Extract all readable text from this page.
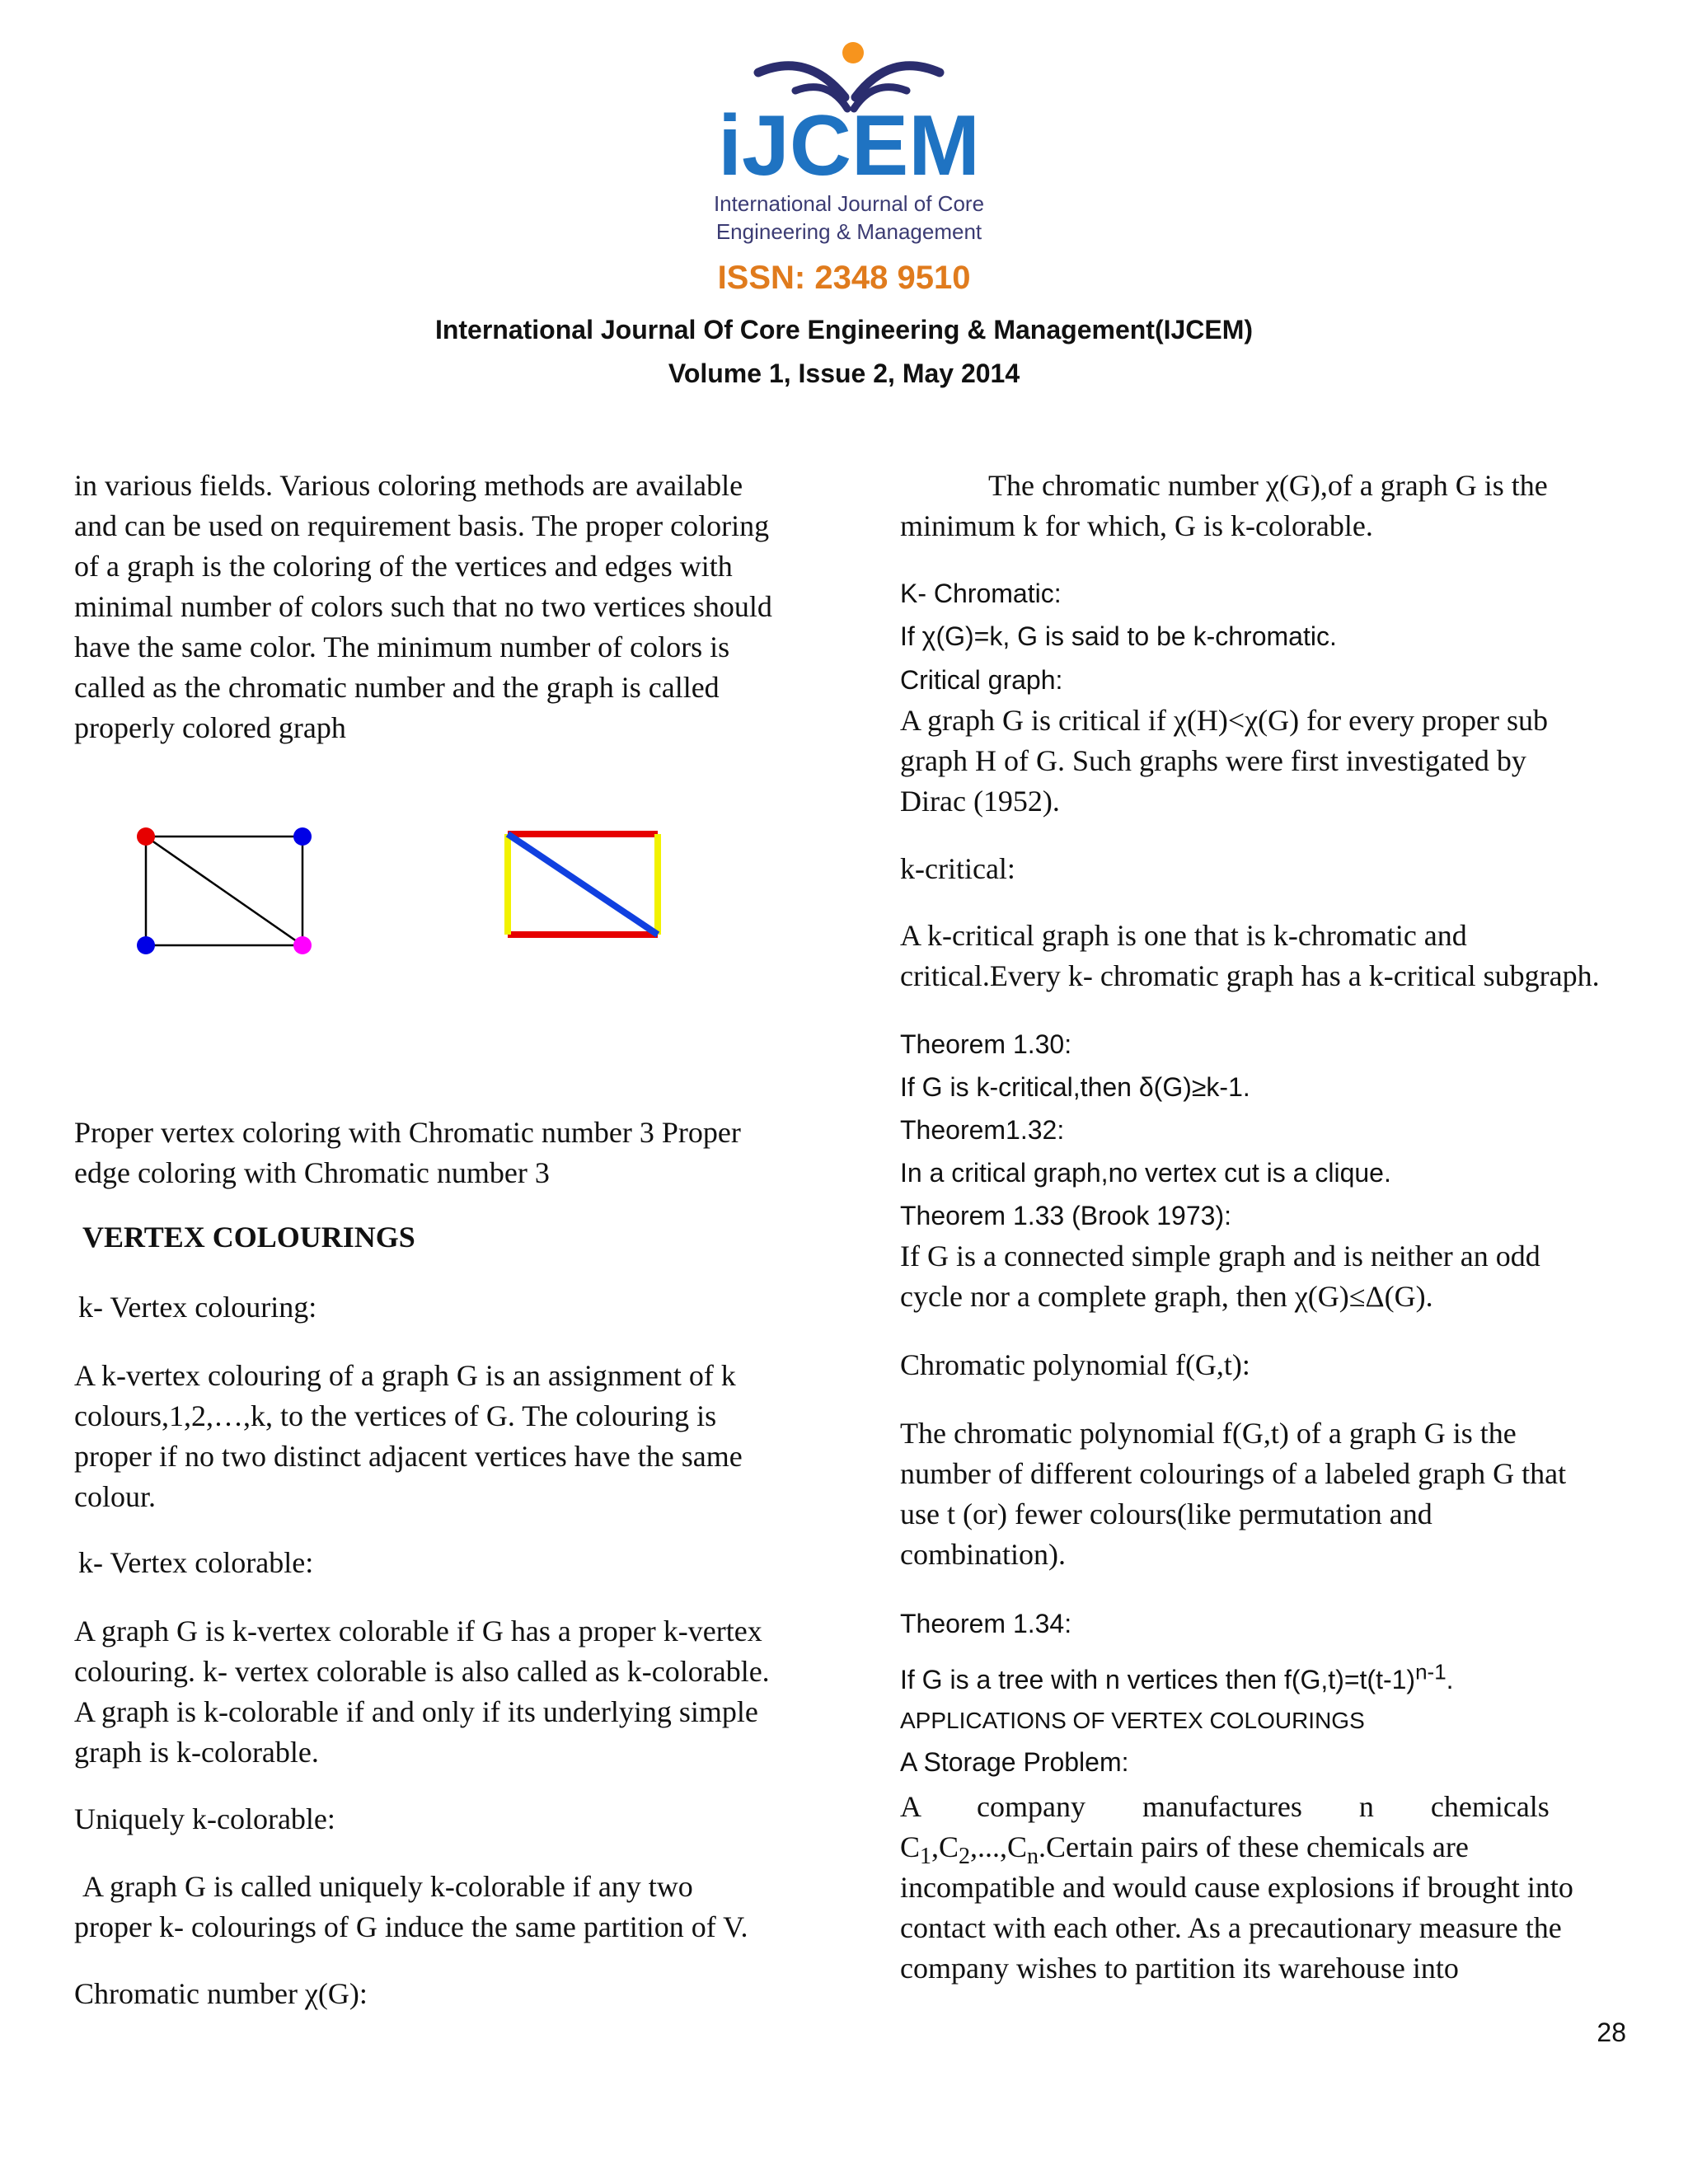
iJCEM
International Journal of Core
Engineering & Management
ISSN: 2348 9510
International Journal Of Core Engineering & Management(IJCEM)
Volume 1, Issue 2, May 2014
in various fields. Various coloring methods are available
and can be used on requirement basis. The proper coloring
of a graph is the coloring of the vertices and edges with
minimal number of colors such that no two vertices should
have the same color. The minimum number of colors is
called as the chromatic number and the graph is called
properly colored graph
Proper vertex coloring with Chromatic number 3 Proper
edge coloring with Chromatic number 3
VERTEX COLOURINGS
k- Vertex colouring:
A k-vertex colouring of a graph G is an assignment of k
colours,1,2,…,k, to the vertices of G. The colouring is
proper if no two distinct adjacent vertices have the same
colour.
k- Vertex colorable:
A graph G is k-vertex colorable if G has a proper k-vertex
colouring. k- vertex colorable is also called as k-colorable.
A graph is k-colorable if and only if its underlying simple
graph is k-colorable.
Uniquely k-colorable:
A graph G is called uniquely k-colorable if any two
proper k- colourings of G induce the same partition of V.
Chromatic number χ(G):
The chromatic number χ(G),of a graph G is the
minimum k for which, G is k-colorable.
K- Chromatic:
If χ(G)=k, G is said to be k-chromatic.
Critical graph:
A graph G is critical if χ(H)<χ(G) for every proper sub
graph H of G. Such graphs were first investigated by
Dirac (1952).
k-critical:
A k-critical graph is one that is k-chromatic and
critical.Every k- chromatic graph has a k-critical subgraph.
Theorem 1.30:
If G is k-critical,then δ(G)≥k-1.
Theorem1.32:
In a critical graph,no vertex cut is a clique.
Theorem 1.33 (Brook 1973):
If G is a connected simple graph and is neither an odd
cycle nor a complete graph, then χ(G)≤Δ(G).
Chromatic polynomial f(G,t):
The chromatic polynomial f(G,t) of a graph G is the
number of different colourings of a labeled graph G that
use t (or) fewer colours(like permutation and
combination).
Theorem 1.34:
If G is a tree with n vertices then $f(G,t)=t(t-1)^{n-1}$.
APPLICATIONS OF VERTEX COLOURINGS
A Storage Problem:
A company manufactures n chemicals
$C_1,C_2,...,C_n.Certain$ pairs of these chemicals are
incompatible and would cause explosions if brought into
contact with each other. As a precautionary measure the
company wishes to partition its warehouse into
28
